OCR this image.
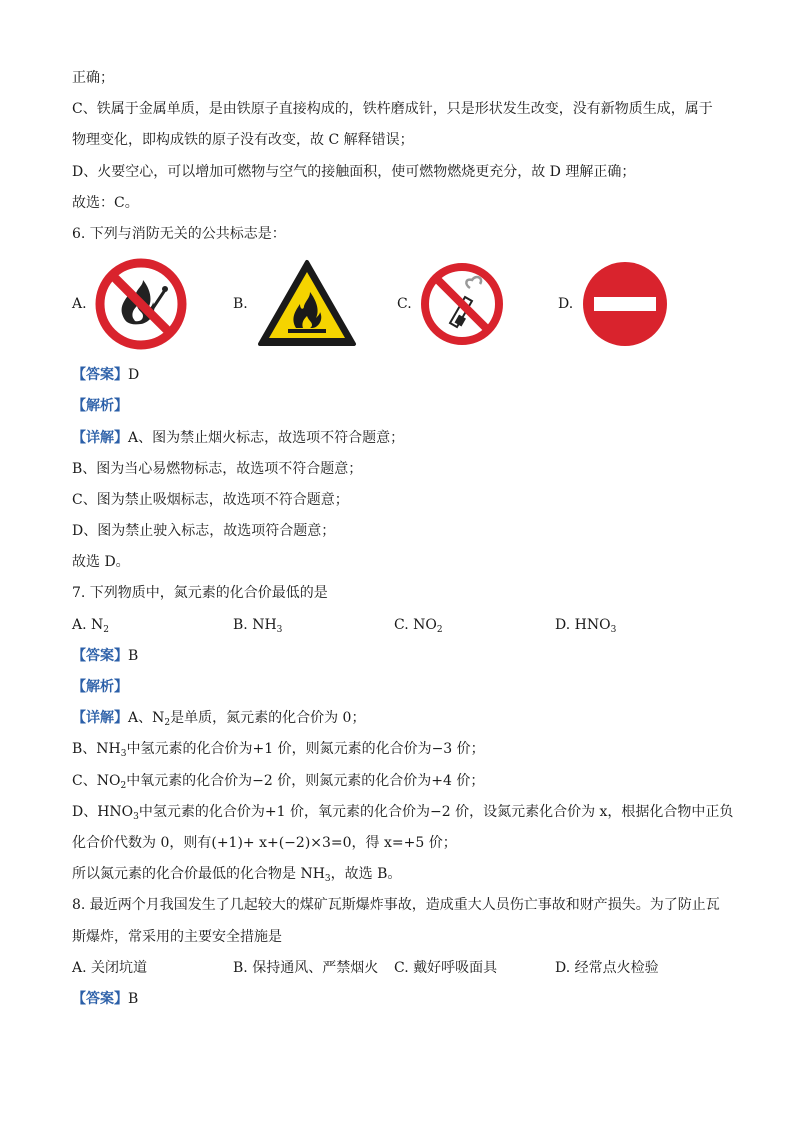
正确；
C、铁属于金属单质，是由铁原子直接构成的，铁杵磨成针，只是形状发生改变，没有新物质生成，属于
物理变化，即构成铁的原子没有改变，故 C 解释错误；
D、火要空心，可以增加可燃物与空气的接触面积，使可燃物燃烧更充分，故 D 理解正确；
故选：C。
6. 下列与消防无关的公共标志是：
A.	B.	C.	D.
【答案】D
【解析】
【详解】A、图为禁止烟火标志，故选项不符合题意；
B、图为当心易燃物标志，故选项不符合题意；
C、图为禁止吸烟标志，故选项不符合题意；
D、图为禁止驶入标志，故选项符合题意；
故选 D。
7. 下列物质中，氮元素的化合价最低的是
A. $N_2$	B. $NH_3$	C. $NO_2$	D. $HNO_3$
【答案】B
【解析】
【详解】A、$N_2$是单质，氮元素的化合价为 0；
B、$NH_3$中氢元素的化合价为+1 价，则氮元素的化合价为−3 价；
C、$NO_2$中氧元素的化合价为−2 价，则氮元素的化合价为+4 价；
D、$HNO_3$中氢元素的化合价为+1 价，氧元素的化合价为−2 价，设氮元素化合价为 x，根据化合物中正负
化合价代数为 0，则有(+1)+ x+(−2)×3=0，得 x=+5 价；
所以氮元素的化合价最低的化合物是 $NH_3$，故选 B。
8. 最近两个月我国发生了几起较大的煤矿瓦斯爆炸事故，造成重大人员伤亡事故和财产损失。为了防止瓦
斯爆炸，常采用的主要安全措施是
A. 关闭坑道	B. 保持通风、严禁烟火	C. 戴好呼吸面具	D. 经常点火检验
【答案】B
